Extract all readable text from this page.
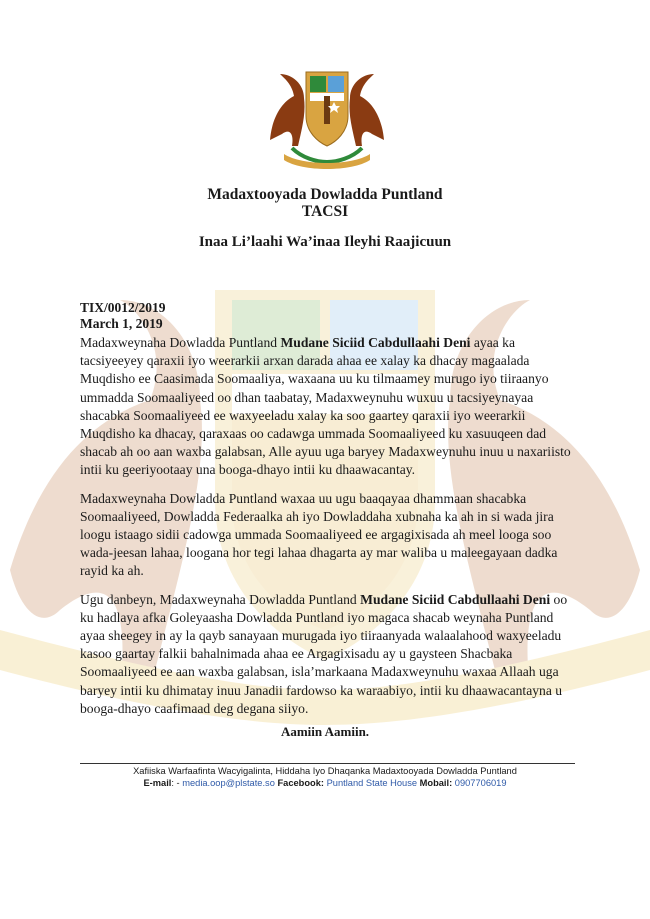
Madaxtooyada Dowladda Puntland
TACSI
Inaa Li’laahi Wa’inaa Ileyhi Raajicuun
TIX/0012/2019
March 1, 2019

Madaxweynaha Dowladda Puntland Mudane Siciid Cabdullaahi Deni ayaa ka tacsiyeeyey qaraxii iyo weerarkii arxan darada ahaa ee xalay ka dhacay magaalada Muqdisho ee Caasimada Soomaaliya, waxaana uu ku tilmaamey murugo iyo tiiraanyo ummadda Soomaaliyeed oo dhan taabatay, Madaxweynuhu wuxuu u tacsiyeynayaa shacabka Soomaaliyeed ee waxyeeladu xalay ka soo gaartey qaraxii iyo weerarkii Muqdisho ka dhacay, qaraxaas oo cadawga ummada Soomaaliyeed ku xasuuqeen dad shacab ah oo aan waxba galabsan, Alle ayuu uga baryey Madaxweynuhu inuu u naxariisto intii ku geeriyootaay una booga-dhayo intii ku dhaawacantay.

Madaxweynaha Dowladda Puntland waxaa uu ugu baaqayaa dhammaan shacabka Soomaaliyeed, Dowladda Federaalka ah iyo Dowladdaha xubnaha ka ah in si wada jira loogu istaago sidii cadowga ummada Soomaaliyeed ee argagixisada ah meel looga soo wada-jeesan lahaa, loogana hor tegi lahaa dhagarta ay mar waliba u maleegayaan dadka rayid ka ah.

Ugu danbeyn, Madaxweynaha Dowladda Puntland Mudane Siciid Cabdullaahi Deni oo ku hadlaya afka Goleyaasha Dowladda Puntland iyo magaca shacab weynaha Puntland ayaa sheegey in ay la qayb sanayaan murugada iyo tiiraanyada walaalahood waxyeeladu kasoo gaartay falkii bahalnimada ahaa ee Argagixisadu ay u gaysteen Shacbaka Soomaaliyeed ee aan waxba galabsan, isla’markaana Madaxweynuhu waxaa Allaah uga baryey intii ku dhimatay inuu Janadii fardowso ka waraabiyo, intii ku dhaawacantayna u booga-dhayo caafimaad deg degana siiyo.

Aamiin Aamiin.
Xafiiska Warfaafinta Wacyigalinta, Hiddaha Iyo Dhaqanka Madaxtooyada Dowladda Puntland
E-mail: - media.oop@plstate.so Facebook: Puntland State House Mobail: 0907706019
